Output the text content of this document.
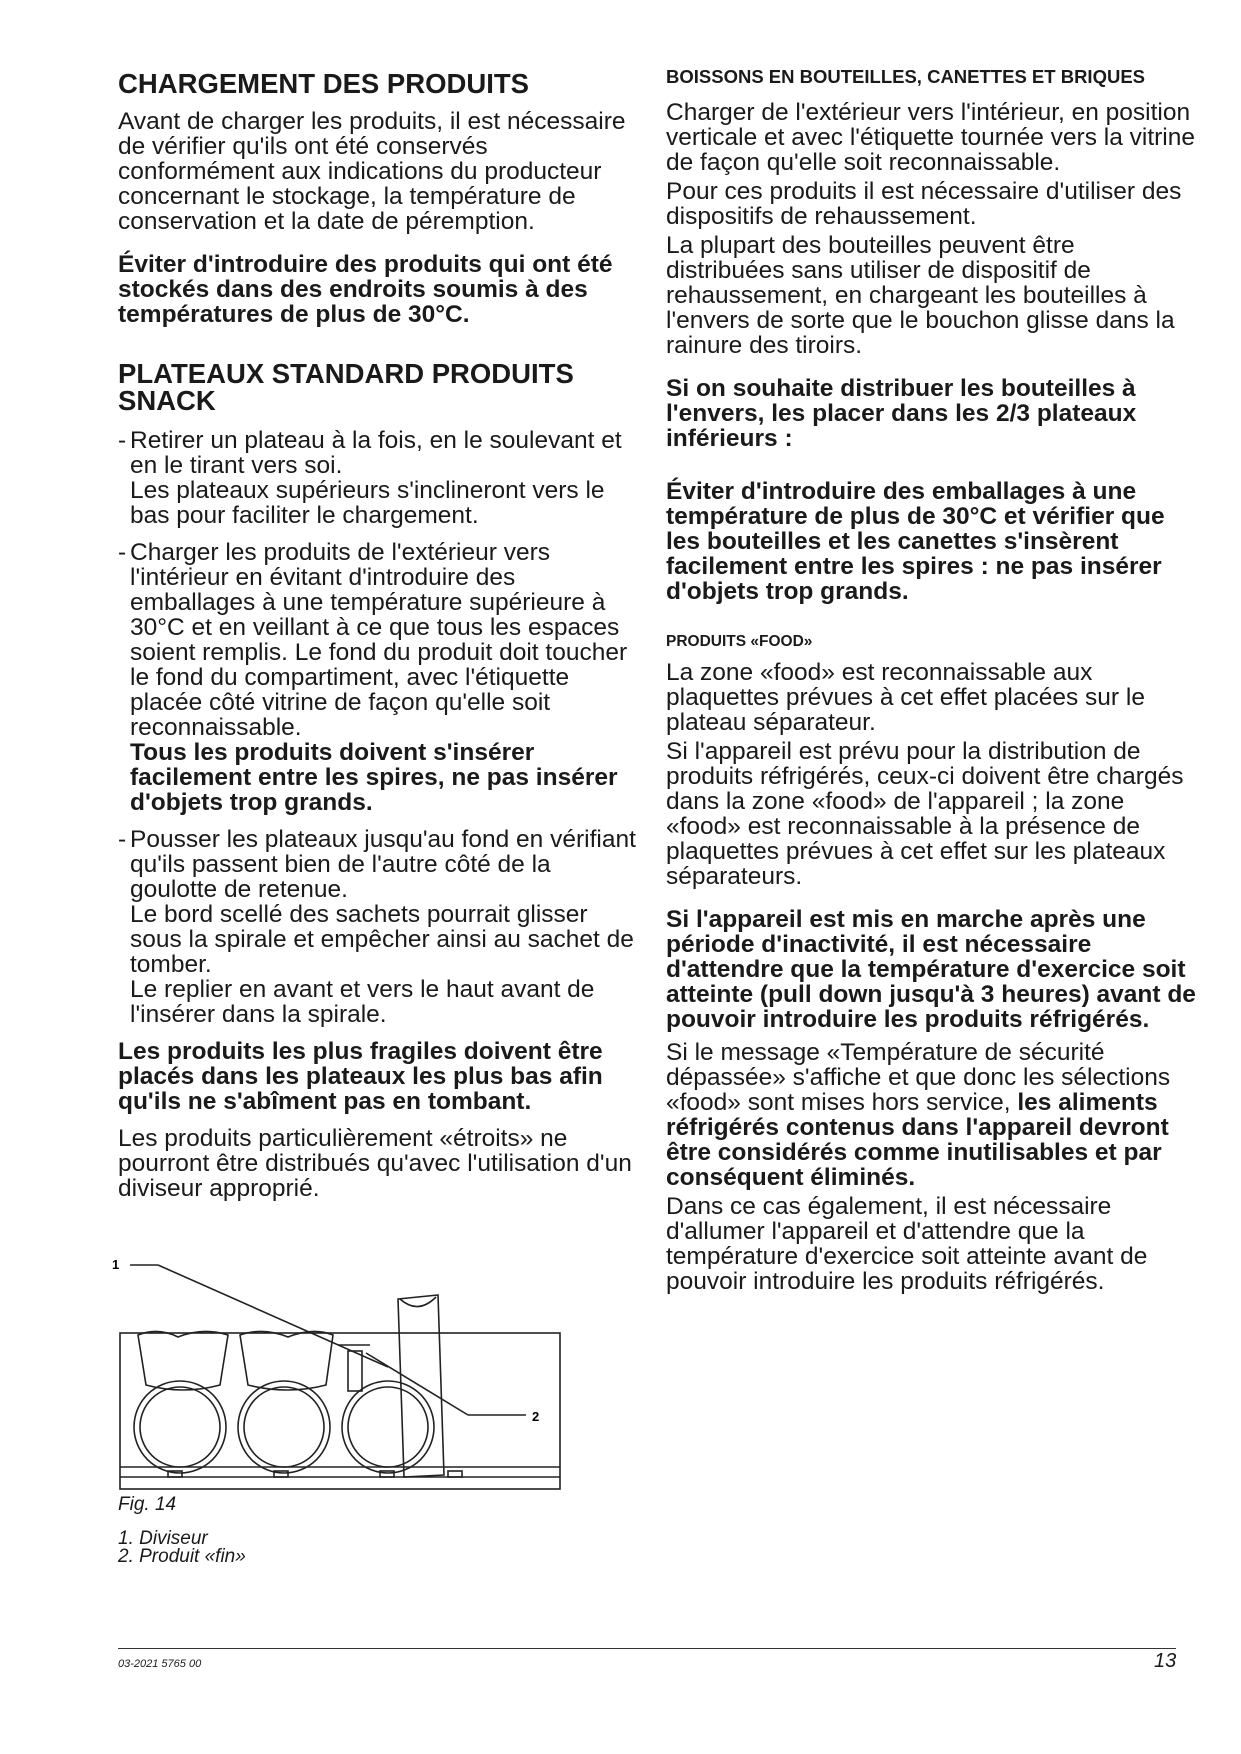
CHARGEMENT DES PRODUITS

Avant de charger les produits, il est nécessaire de vérifier qu'ils ont été conservés conformément aux indications du producteur concernant le stockage, la température de conservation et la date de péremption.

Éviter d'introduire des produits qui ont été stockés dans des endroits soumis à des températures de plus de 30°C.

PLATEAUX STANDARD PRODUITS SNACK
- Retirer un plateau à la fois, en le soulevant et en le tirant vers soi.

Les plateaux supérieurs s'inclineront vers le bas pour faciliter le chargement.

- Charger les produits de l'extérieur vers l'intérieur en évitant d'introduire des emballages à une température supérieure à 30°C et en veillant à ce que tous les espaces soient remplis. Le fond du produit doit toucher le fond du compartiment, avec l'étiquette placée côté vitrine de façon qu'elle soit reconnaissable.

Tous les produits doivent s'insérer facilement entre les spires, ne pas insérer d'objets trop grands.

- Pousser les plateaux jusqu'au fond en vérifiant qu'ils passent bien de l'autre côté de la goulotte de retenue.

Le bord scellé des sachets pourrait glisser sous la spirale et empêcher ainsi au sachet de tomber.

Le replier en avant et vers le haut avant de l'insérer dans la spirale.

Les produits les plus fragiles doivent être placés dans les plateaux les plus bas afin qu'ils ne s'abîment pas en tombant.

Les produits particulièrement «étroits» ne pourront être distribués qu'avec l'utilisation d'un diviseur approprié.

1
2
Fig. 14
1. Diviseur
2. Produit «fin»
BOISSONS EN BOUTEILLES, CANETTES ET BRIQUES

Charger de l'extérieur vers l'intérieur, en position verticale et avec l'étiquette tournée vers la vitrine de façon qu'elle soit reconnaissable.

Pour ces produits il est nécessaire d'utiliser des dispositifs de rehaussement.

La plupart des bouteilles peuvent être distribuées sans utiliser de dispositif de rehaussement, en chargeant les bouteilles à l'envers de sorte que le bouchon glisse dans la rainure des tiroirs.

Si on souhaite distribuer les bouteilles à l'envers, les placer dans les 2/3 plateaux inférieurs :

Éviter d'introduire des emballages à une température de plus de 30°C et vérifier que les bouteilles et les canettes s'insèrent facilement entre les spires : ne pas insérer d'objets trop grands.

PRODUITS «FOOD»

La zone «food» est reconnaissable aux plaquettes prévues à cet effet placées sur le plateau séparateur.

Si l'appareil est prévu pour la distribution de produits réfrigérés, ceux-ci doivent être chargés dans la zone «food» de l'appareil ; la zone «food» est reconnaissable à la présence de plaquettes prévues à cet effet sur les plateaux séparateurs.

Si l'appareil est mis en marche après une période d'inactivité, il est nécessaire d'attendre que la température d'exercice soit atteinte (pull down jusqu'à 3 heures) avant de pouvoir introduire les produits réfrigérés.

Si le message «Température de sécurité dépassée» s'affiche et que donc les sélections «food» sont mises hors service, les aliments réfrigérés contenus dans l'appareil devront être considérés comme inutilisables et par conséquent éliminés.

Dans ce cas également, il est nécessaire d'allumer l'appareil et d'attendre que la température d'exercice soit atteinte avant de pouvoir introduire les produits réfrigérés.

03-2021 5765 00	13
